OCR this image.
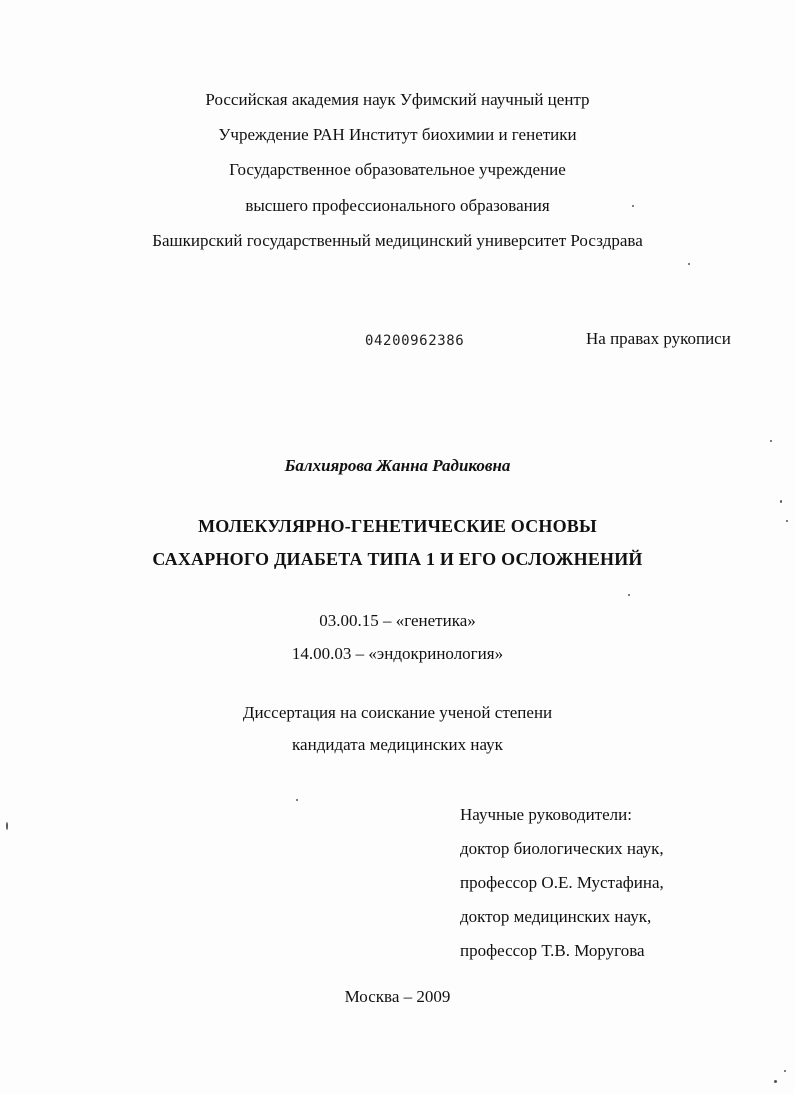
Российская академия наук Уфимский научный центр
Учреждение РАН Институт биохимии и генетики
Государственное образовательное учреждение
высшего профессионального образования
Башкирский государственный медицинский университет Росздрава
04200962386	На правах рукописи
Балхиярова Жанна Радиковна
МОЛЕКУЛЯРНО-ГЕНЕТИЧЕСКИЕ ОСНОВЫ
САХАРНОГО ДИАБЕТА ТИПА 1 И ЕГО ОСЛОЖНЕНИЙ
03.00.15 – «генетика»
14.00.03 – «эндокринология»
Диссертация на соискание ученой степени
кандидата медицинских наук
Научные руководители:
доктор биологических наук,
профессор О.Е. Мустафина,
доктор медицинских наук,
профессор Т.В. Моругова
Москва – 2009
